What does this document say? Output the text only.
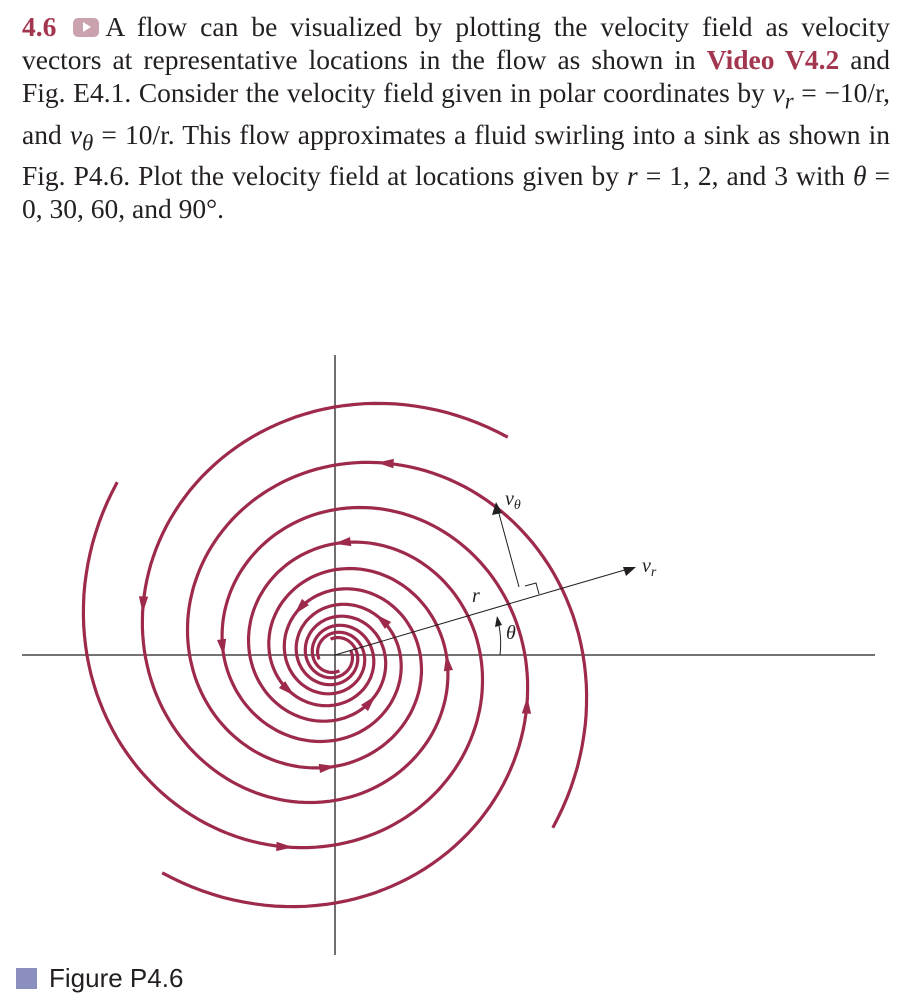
4.6 A flow can be visualized by plotting the velocity field as velocity vectors at representative locations in the flow as shown in Video V4.2 and Fig. E4.1. Consider the velocity field given in polar coordinates by $v_r = -10/r$, and $v_\theta = 10/r$. This flow approximates a fluid swirling into a sink as shown in Fig. P4.6. Plot the velocity field at locations given by r = 1, 2, and 3 with θ = 0, 30, 60, and 90°.
$v_\theta$
$v_r$
r
θ
Figure P4.6
